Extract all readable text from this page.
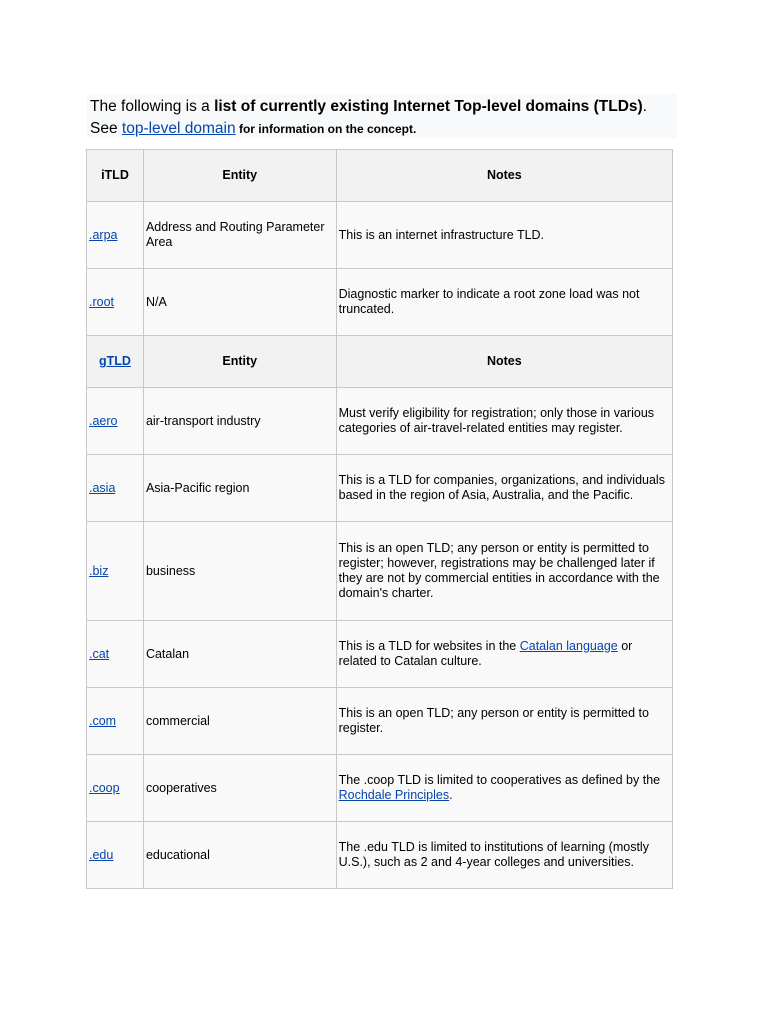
The following is a list of currently existing Internet Top-level domains (TLDs).
See top-level domain for information on the concept.
iTLD	Entity	Notes
.arpa	Address and Routing Parameter Area	This is an internet infrastructure TLD.
.root	N/A	Diagnostic marker to indicate a root zone load was not truncated.
gTLD	Entity	Notes
.aero	air-transport industry	Must verify eligibility for registration; only those in various categories of air-travel-related entities may register.
.asia	Asia-Pacific region	This is a TLD for companies, organizations, and individuals based in the region of Asia, Australia, and the Pacific.
.biz	business	This is an open TLD; any person or entity is permitted to register; however, registrations may be challenged later if they are not by commercial entities in accordance with the domain's charter.
.cat	Catalan	This is a TLD for websites in the Catalan language or related to Catalan culture.
.com	commercial	This is an open TLD; any person or entity is permitted to register.
.coop	cooperatives	The .coop TLD is limited to cooperatives as defined by the Rochdale Principles.
.edu	educational	The .edu TLD is limited to institutions of learning (mostly U.S.), such as 2 and 4-year colleges and universities.
